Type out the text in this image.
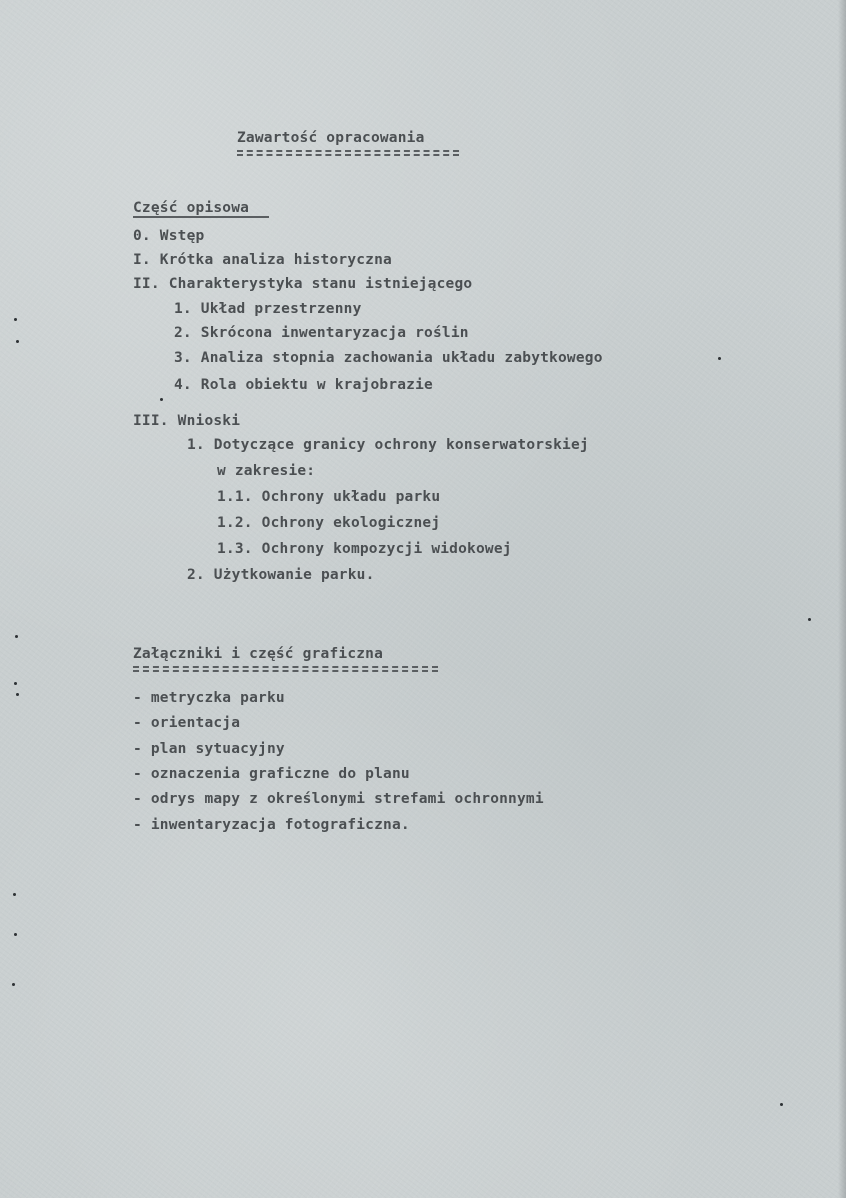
Zawartość opracowania
Część opisowa
0. Wstęp
I. Krótka analiza historyczna
II. Charakterystyka stanu istniejącego
1. Układ przestrzenny
2. Skrócona inwentaryzacja roślin
3. Analiza stopnia zachowania układu zabytkowego
4. Rola obiektu w krajobrazie
III. Wnioski
1. Dotyczące granicy ochrony konserwatorskiej
w zakresie:
1.1. Ochrony układu parku
1.2. Ochrony ekologicznej
1.3. Ochrony kompozycji widokowej
2. Użytkowanie parku.
Załączniki i część graficzna
- metryczka parku
- orientacja
- plan sytuacyjny
- oznaczenia graficzne do planu
- odrys mapy z określonymi strefami ochronnymi
- inwentaryzacja fotograficzna.
